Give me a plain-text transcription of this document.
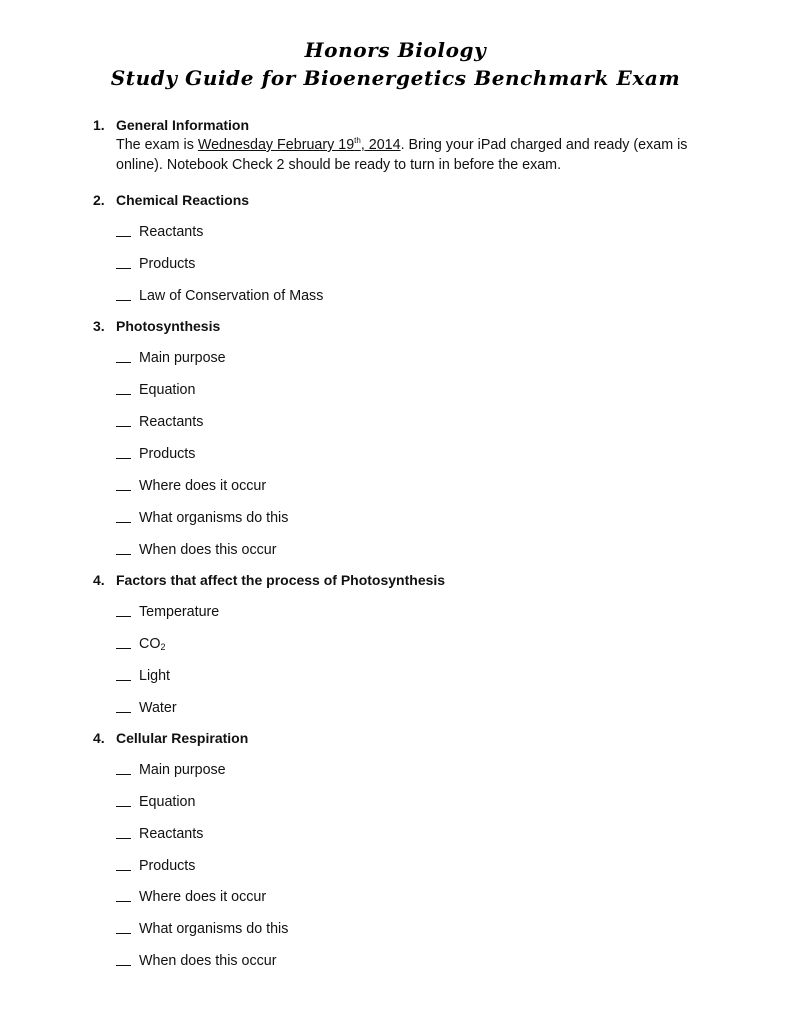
Honors Biology
Study Guide for Bioenergetics Benchmark Exam
1. General Information
The exam is Wednesday February 19th, 2014. Bring your iPad charged and ready (exam is online). Notebook Check 2 should be ready to turn in before the exam.
2. Chemical Reactions
Reactants
Products
Law of Conservation of Mass
3. Photosynthesis
Main purpose
Equation
Reactants
Products
Where does it occur
What organisms do this
When does this occur
4. Factors that affect the process of Photosynthesis
Temperature
$CO_2$
Light
Water
4. Cellular Respiration
Main purpose
Equation
Reactants
Products
Where does it occur
What organisms do this
When does this occur
